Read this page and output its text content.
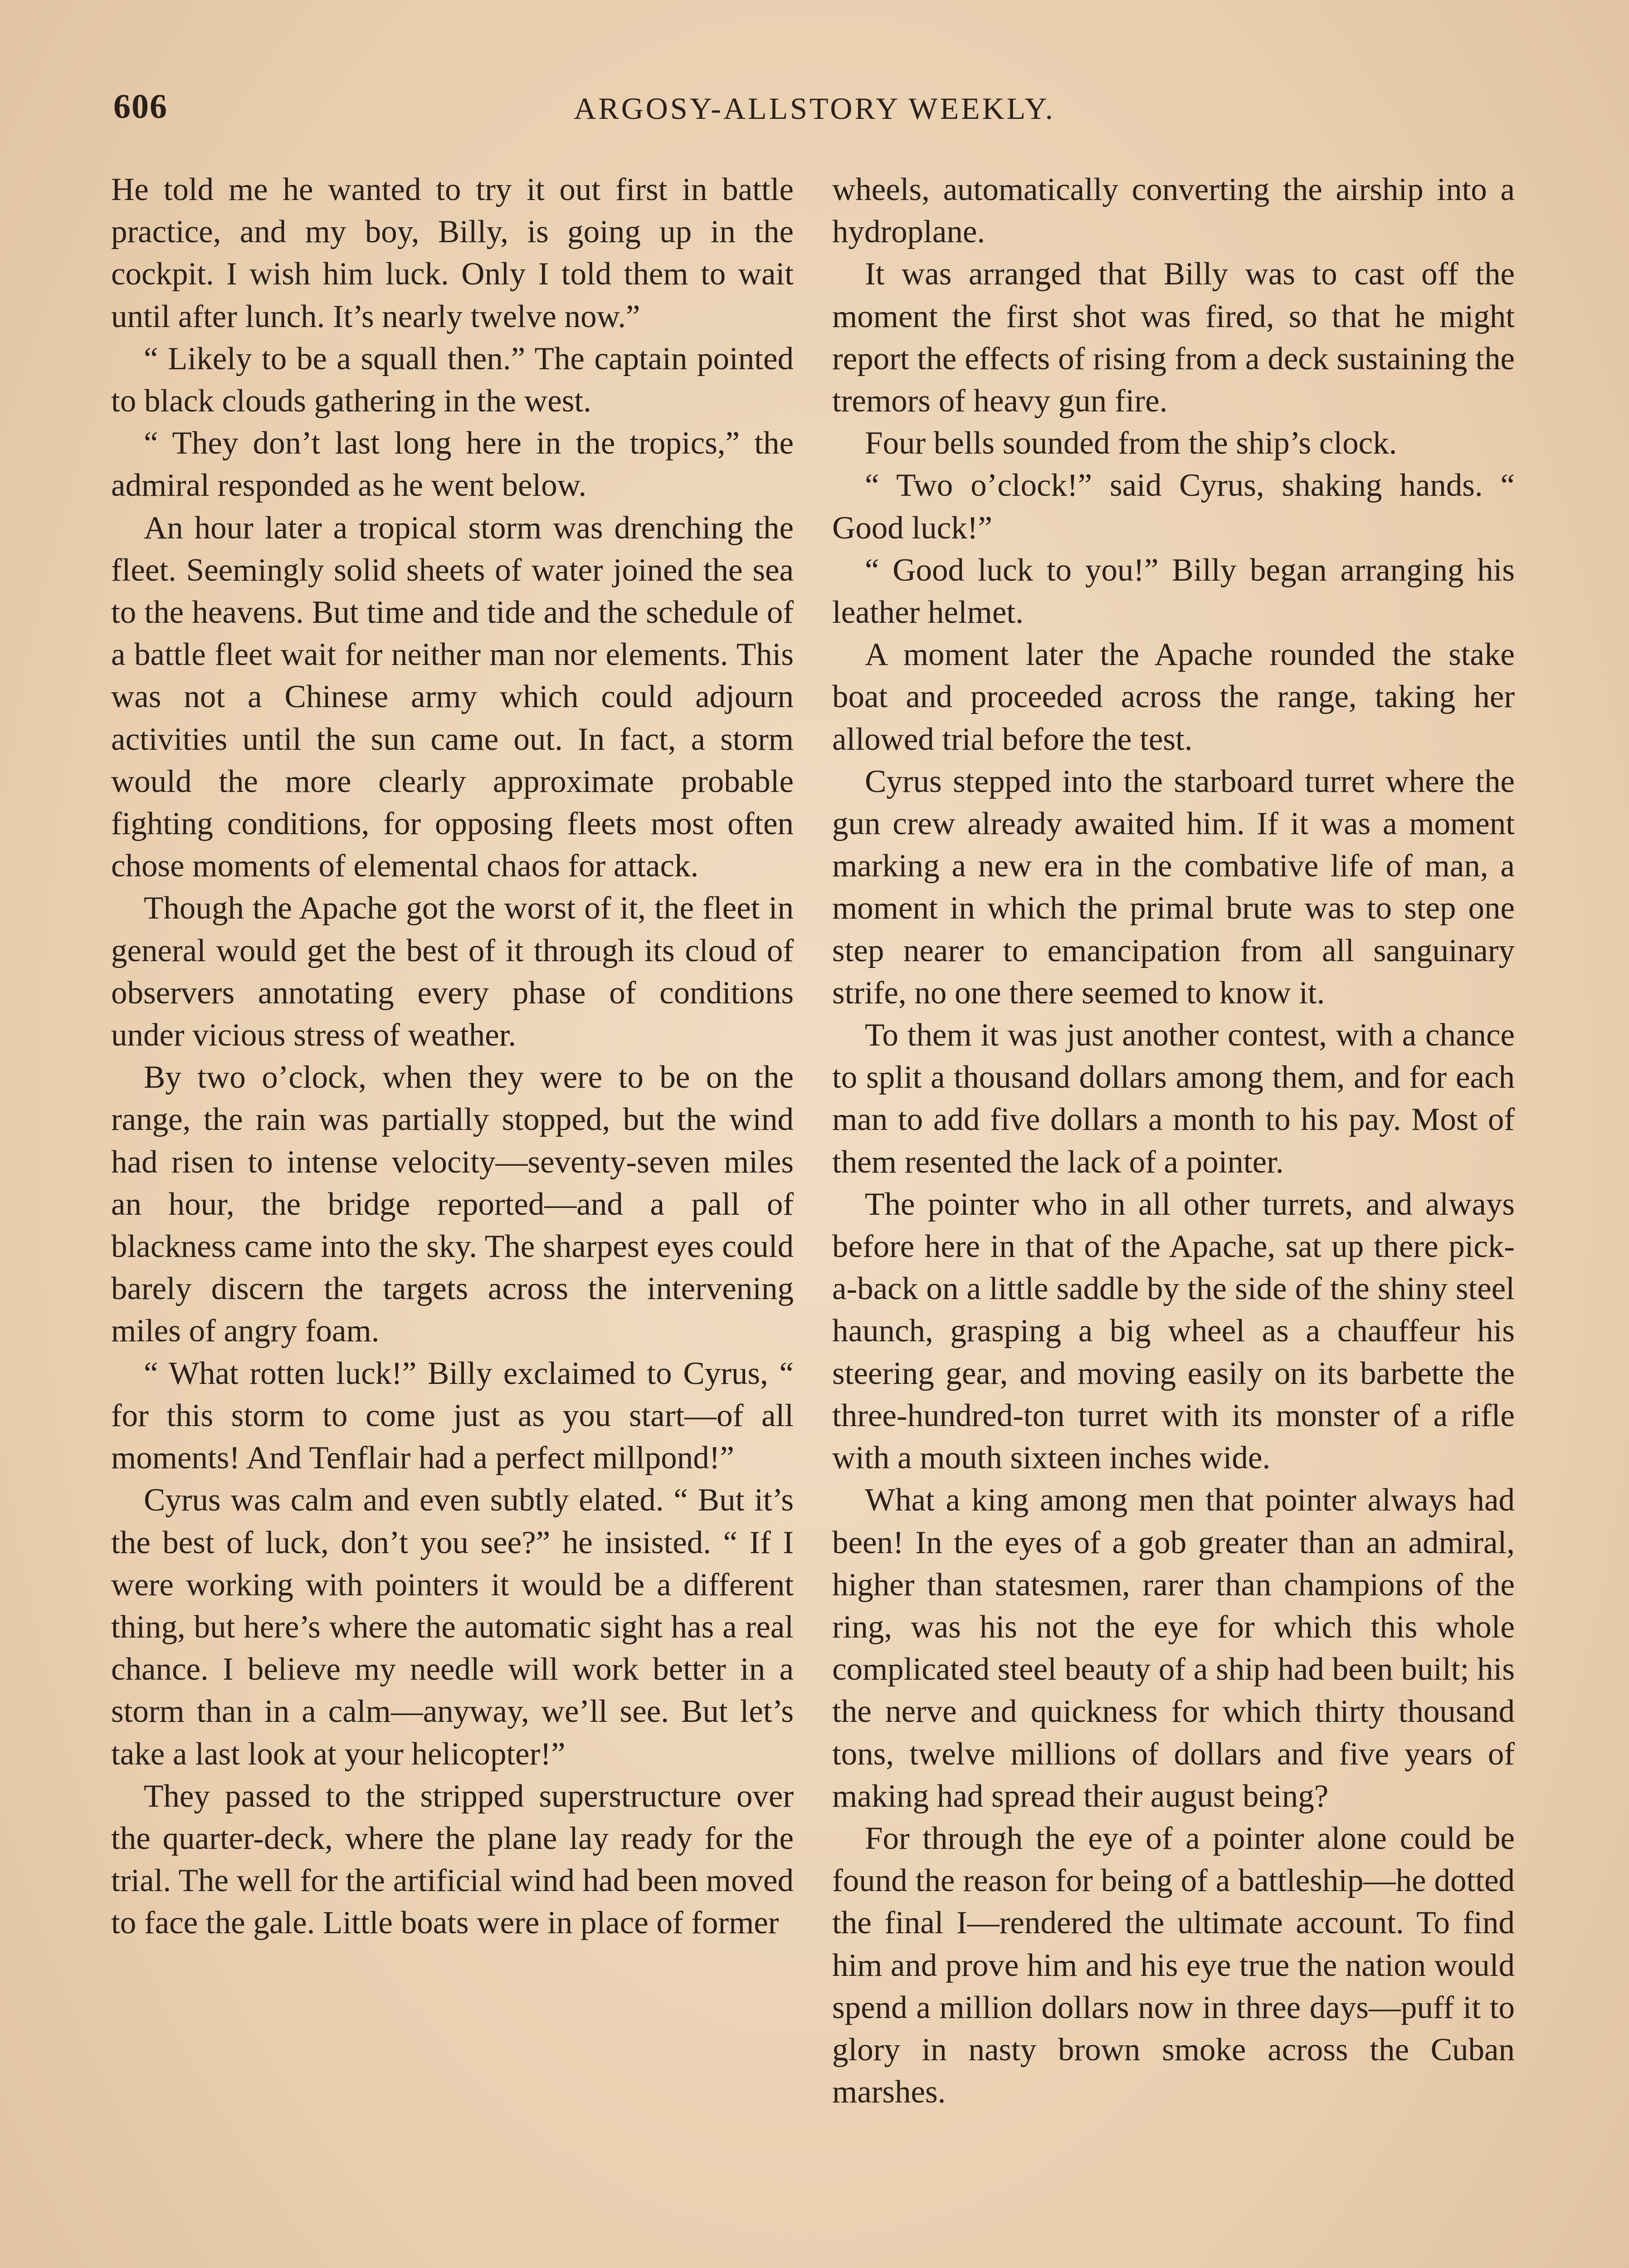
606	ARGOSY-ALLSTORY WEEKLY.

He told me he wanted to try it out first in battle practice, and my boy, Billy, is going up in the cockpit. I wish him luck. Only I told them to wait until after lunch. It’s nearly twelve now.”

“ Likely to be a squall then.” The captain pointed to black clouds gathering in the west.

“ They don’t last long here in the tropics,” the admiral responded as he went below.

An hour later a tropical storm was drenching the fleet. Seemingly solid sheets of water joined the sea to the heavens. But time and tide and the schedule of a battle fleet wait for neither man nor elements. This was not a Chinese army which could adjourn activities until the sun came out. In fact, a storm would the more clearly approximate probable fighting conditions, for opposing fleets most often chose moments of elemental chaos for attack.

Though the Apache got the worst of it, the fleet in general would get the best of it through its cloud of observers annotating every phase of conditions under vicious stress of weather.

By two o’clock, when they were to be on the range, the rain was partially stopped, but the wind had risen to intense velocity—seventy-seven miles an hour, the bridge reported—and a pall of blackness came into the sky. The sharpest eyes could barely discern the targets across the intervening miles of angry foam.

“ What rotten luck!” Billy exclaimed to Cyrus, “ for this storm to come just as you start—of all moments! And Tenflair had a perfect millpond!”

Cyrus was calm and even subtly elated. “ But it’s the best of luck, don’t you see?” he insisted. “ If I were working with pointers it would be a different thing, but here’s where the automatic sight has a real chance. I believe my needle will work better in a storm than in a calm—anyway, we’ll see. But let’s take a last look at your helicopter!”

They passed to the stripped superstructure over the quarter-deck, where the plane lay ready for the trial. The well for the artificial wind had been moved to face the gale. Little boats were in place of former

wheels, automatically converting the airship into a hydroplane.

It was arranged that Billy was to cast off the moment the first shot was fired, so that he might report the effects of rising from a deck sustaining the tremors of heavy gun fire.

Four bells sounded from the ship’s clock.

“ Two o’clock!” said Cyrus, shaking hands. “ Good luck!”

“ Good luck to you!” Billy began arranging his leather helmet.

A moment later the Apache rounded the stake boat and proceeded across the range, taking her allowed trial before the test.

Cyrus stepped into the starboard turret where the gun crew already awaited him. If it was a moment marking a new era in the combative life of man, a moment in which the primal brute was to step one step nearer to emancipation from all sanguinary strife, no one there seemed to know it.

To them it was just another contest, with a chance to split a thousand dollars among them, and for each man to add five dollars a month to his pay. Most of them resented the lack of a pointer.

The pointer who in all other turrets, and always before here in that of the Apache, sat up there pick-a-back on a little saddle by the side of the shiny steel haunch, grasping a big wheel as a chauffeur his steering gear, and moving easily on its barbette the three-hundred-ton turret with its monster of a rifle with a mouth sixteen inches wide.

What a king among men that pointer always had been! In the eyes of a gob greater than an admiral, higher than statesmen, rarer than champions of the ring, was his not the eye for which this whole complicated steel beauty of a ship had been built; his the nerve and quickness for which thirty thousand tons, twelve millions of dollars and five years of making had spread their august being?

For through the eye of a pointer alone could be found the reason for being of a battleship—he dotted the final I—rendered the ultimate account. To find him and prove him and his eye true the nation would spend a million dollars now in three days—puff it to glory in nasty brown smoke across the Cuban marshes.
